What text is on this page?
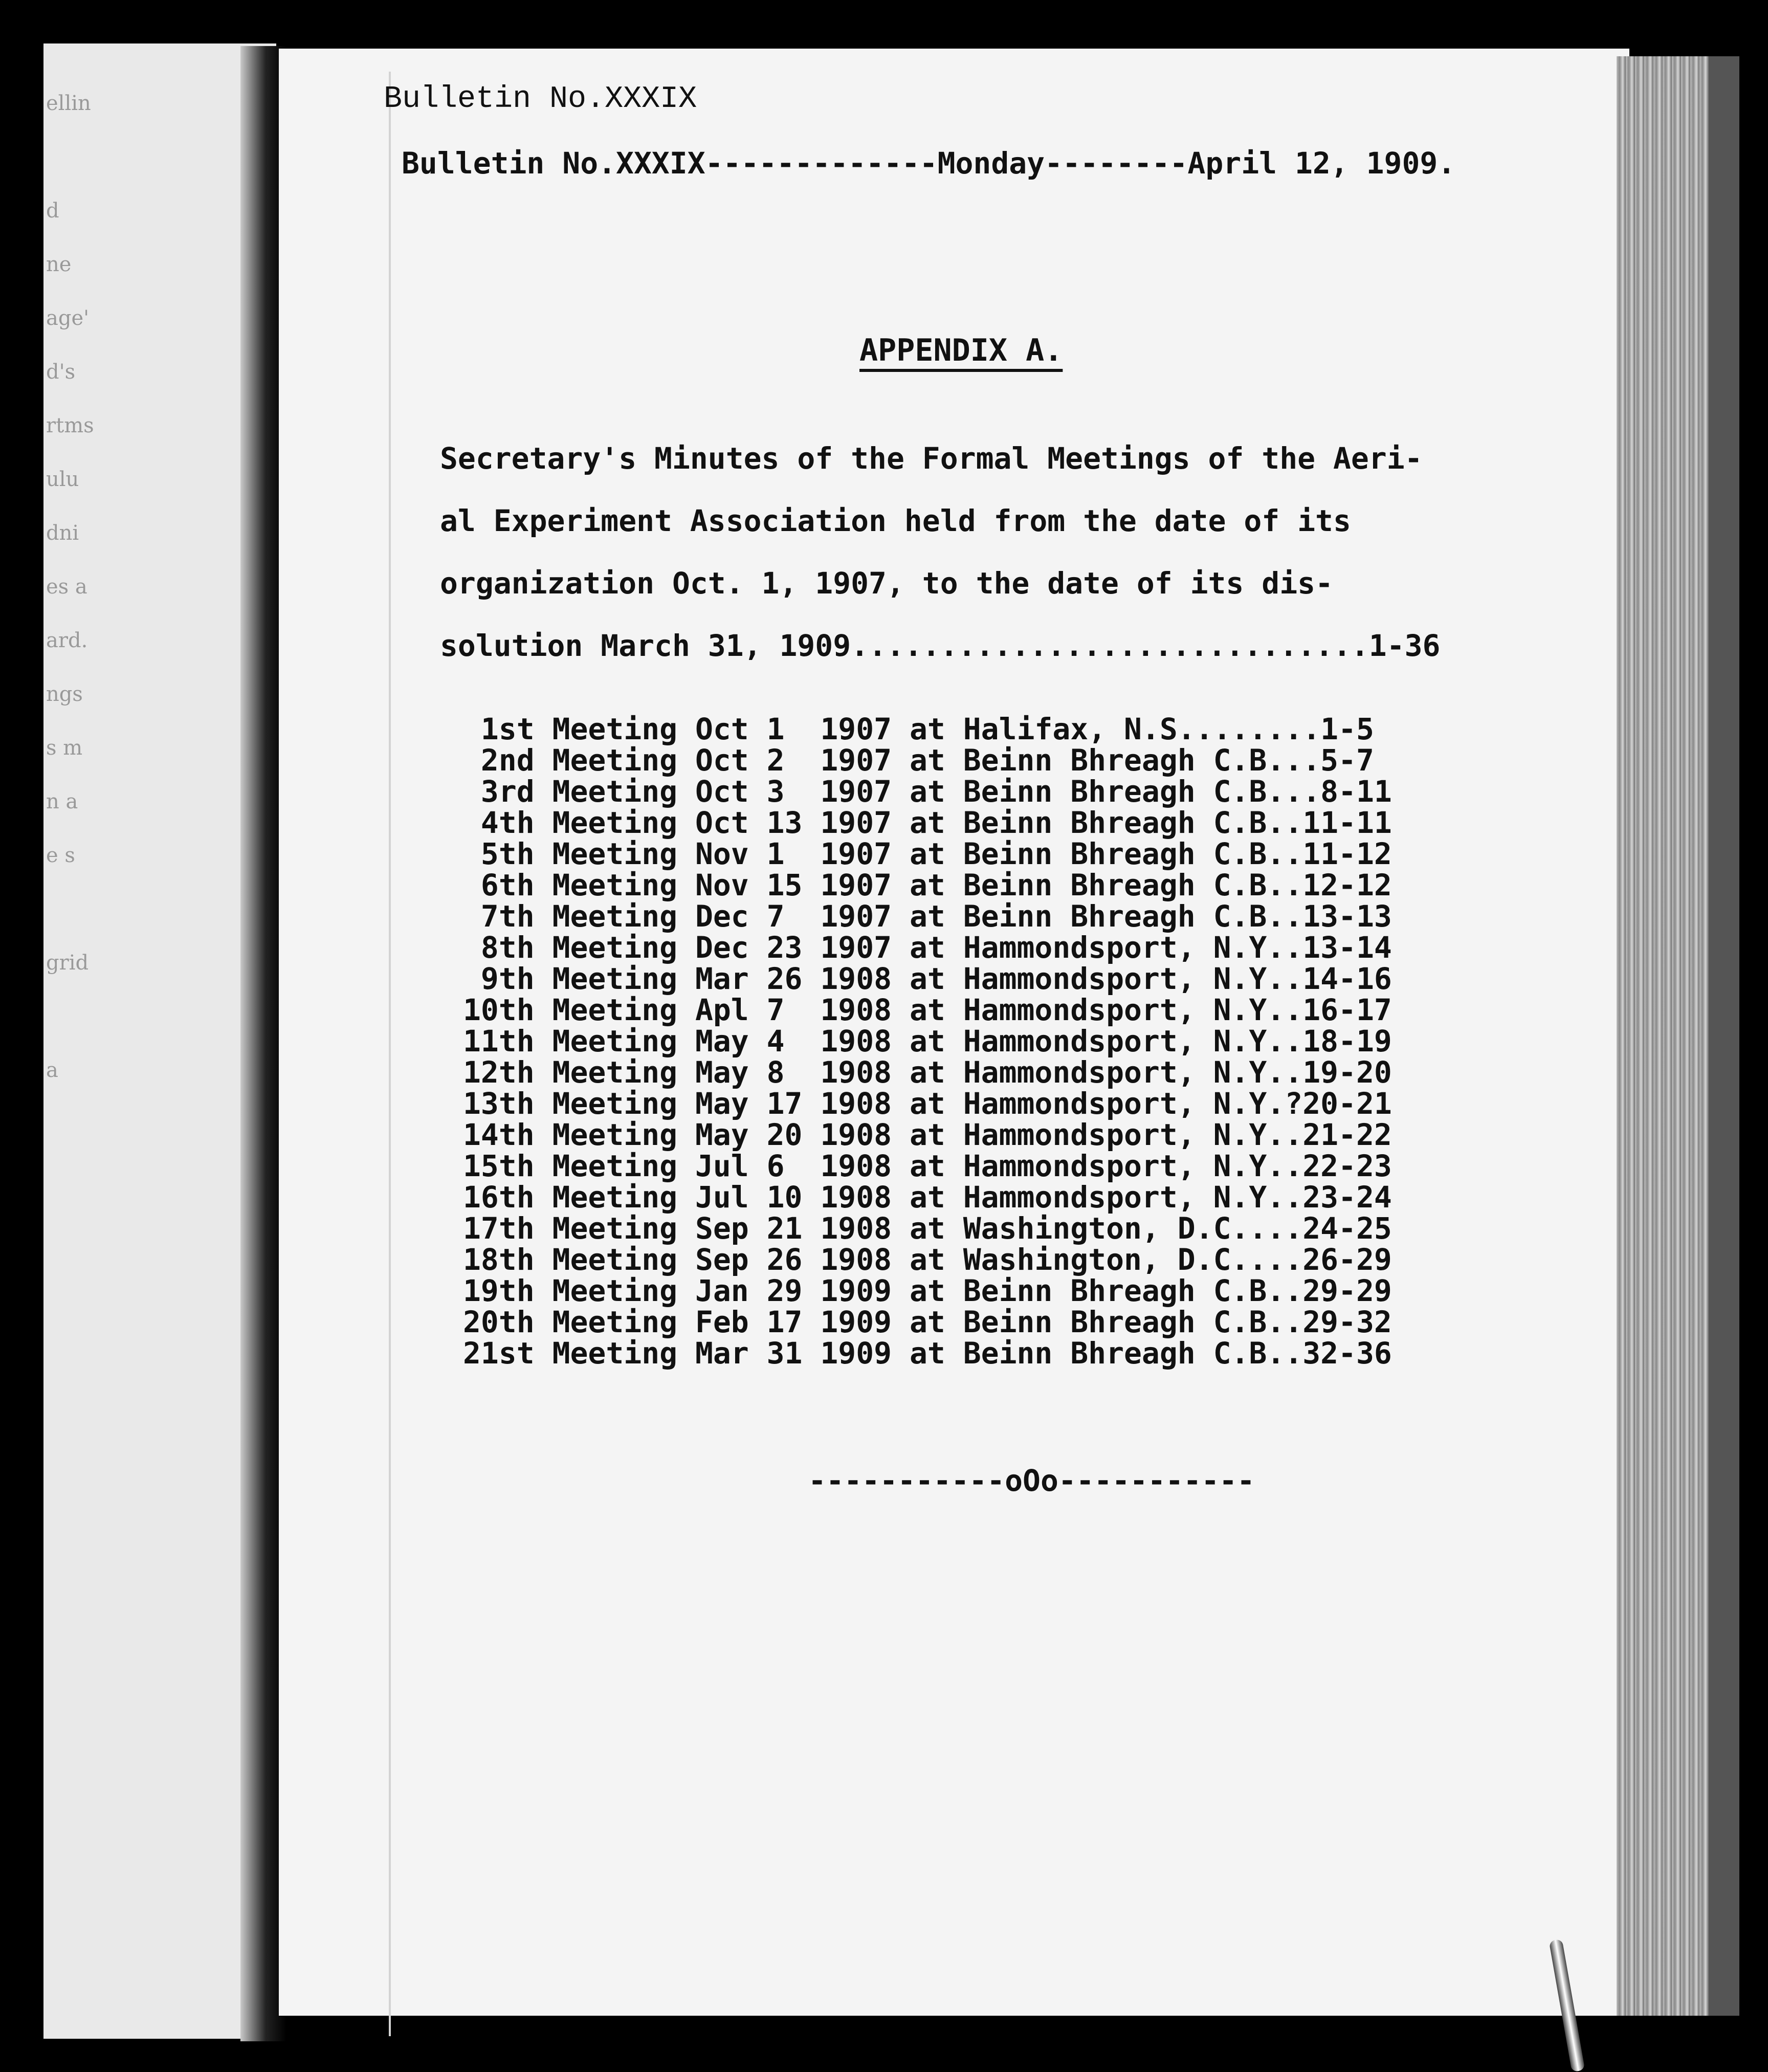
ellin

d
ne
age'
d's
rtms
ulu
dni
es a
ard.
ngs
s m
n a
e s

grid

a
Bulletin No.XXXIX
Bulletin No.XXXIX-------------Monday--------April 12, 1909.
APPENDIX A.
Secretary's Minutes of the Formal Meetings of the Aeri-
al Experiment Association held from the date of its
organization Oct. 1, 1907, to the date of its dis-
solution March 31, 1909.............................1-36
1st Meeting Oct 1  1907 at Halifax, N.S........1-5
2nd Meeting Oct 2  1907 at Beinn Bhreagh C.B...5-7
3rd Meeting Oct 3  1907 at Beinn Bhreagh C.B...8-11
4th Meeting Oct 13 1907 at Beinn Bhreagh C.B..11-11
5th Meeting Nov 1  1907 at Beinn Bhreagh C.B..11-12
6th Meeting Nov 15 1907 at Beinn Bhreagh C.B..12-12
7th Meeting Dec 7  1907 at Beinn Bhreagh C.B..13-13
8th Meeting Dec 23 1907 at Hammondsport, N.Y..13-14
9th Meeting Mar 26 1908 at Hammondsport, N.Y..14-16
10th Meeting Apl 7  1908 at Hammondsport, N.Y..16-17
11th Meeting May 4  1908 at Hammondsport, N.Y..18-19
12th Meeting May 8  1908 at Hammondsport, N.Y..19-20
13th Meeting May 17 1908 at Hammondsport, N.Y.?20-21
14th Meeting May 20 1908 at Hammondsport, N.Y..21-22
15th Meeting Jul 6  1908 at Hammondsport, N.Y..22-23
16th Meeting Jul 10 1908 at Hammondsport, N.Y..23-24
17th Meeting Sep 21 1908 at Washington, D.C....24-25
18th Meeting Sep 26 1908 at Washington, D.C....26-29
19th Meeting Jan 29 1909 at Beinn Bhreagh C.B..29-29
20th Meeting Feb 17 1909 at Beinn Bhreagh C.B..29-32
21st Meeting Mar 31 1909 at Beinn Bhreagh C.B..32-36
-----------oOo-----------
